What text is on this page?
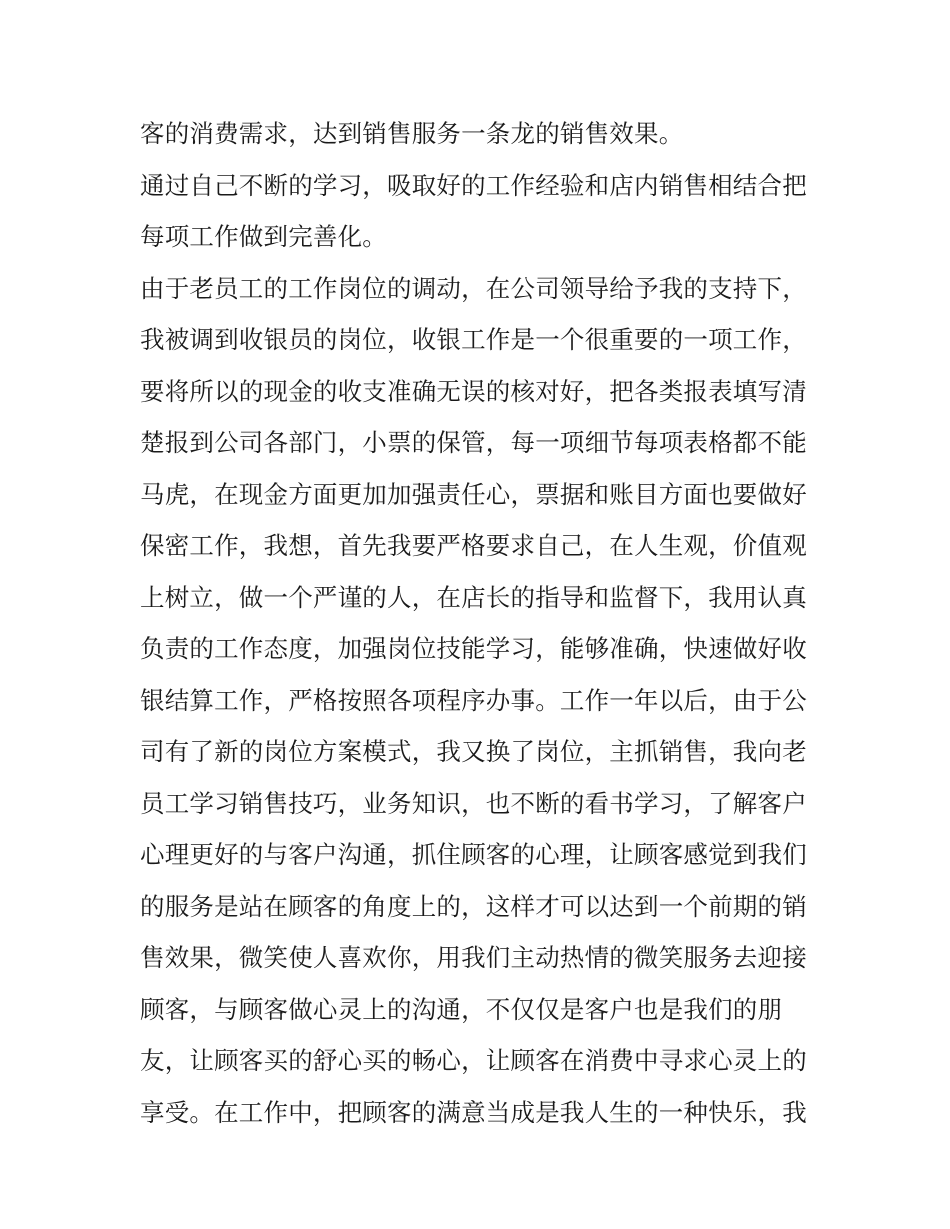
客的消费需求，达到销售服务一条龙的销售效果。
通过自己不断的学习，吸取好的工作经验和店内销售相结合把
每项工作做到完善化。
由于老员工的工作岗位的调动，在公司领导给予我的支持下，
我被调到收银员的岗位，收银工作是一个很重要的一项工作，
要将所以的现金的收支准确无误的核对好，把各类报表填写清
楚报到公司各部门，小票的保管，每一项细节每项表格都不能
马虎，在现金方面更加加强责任心，票据和账目方面也要做好
保密工作，我想，首先我要严格要求自己，在人生观，价值观
上树立，做一个严谨的人，在店长的指导和监督下，我用认真
负责的工作态度，加强岗位技能学习，能够准确，快速做好收
银结算工作，严格按照各项程序办事。工作一年以后，由于公
司有了新的岗位方案模式，我又换了岗位，主抓销售，我向老
员工学习销售技巧，业务知识，也不断的看书学习，了解客户
心理更好的与客户沟通，抓住顾客的心理，让顾客感觉到我们
的服务是站在顾客的角度上的，这样才可以达到一个前期的销
售效果，微笑使人喜欢你，用我们主动热情的微笑服务去迎接
顾客，与顾客做心灵上的沟通，不仅仅是客户也是我们的朋
友，让顾客买的舒心买的畅心，让顾客在消费中寻求心灵上的
享受。在工作中，把顾客的满意当成是我人生的一种快乐，我
